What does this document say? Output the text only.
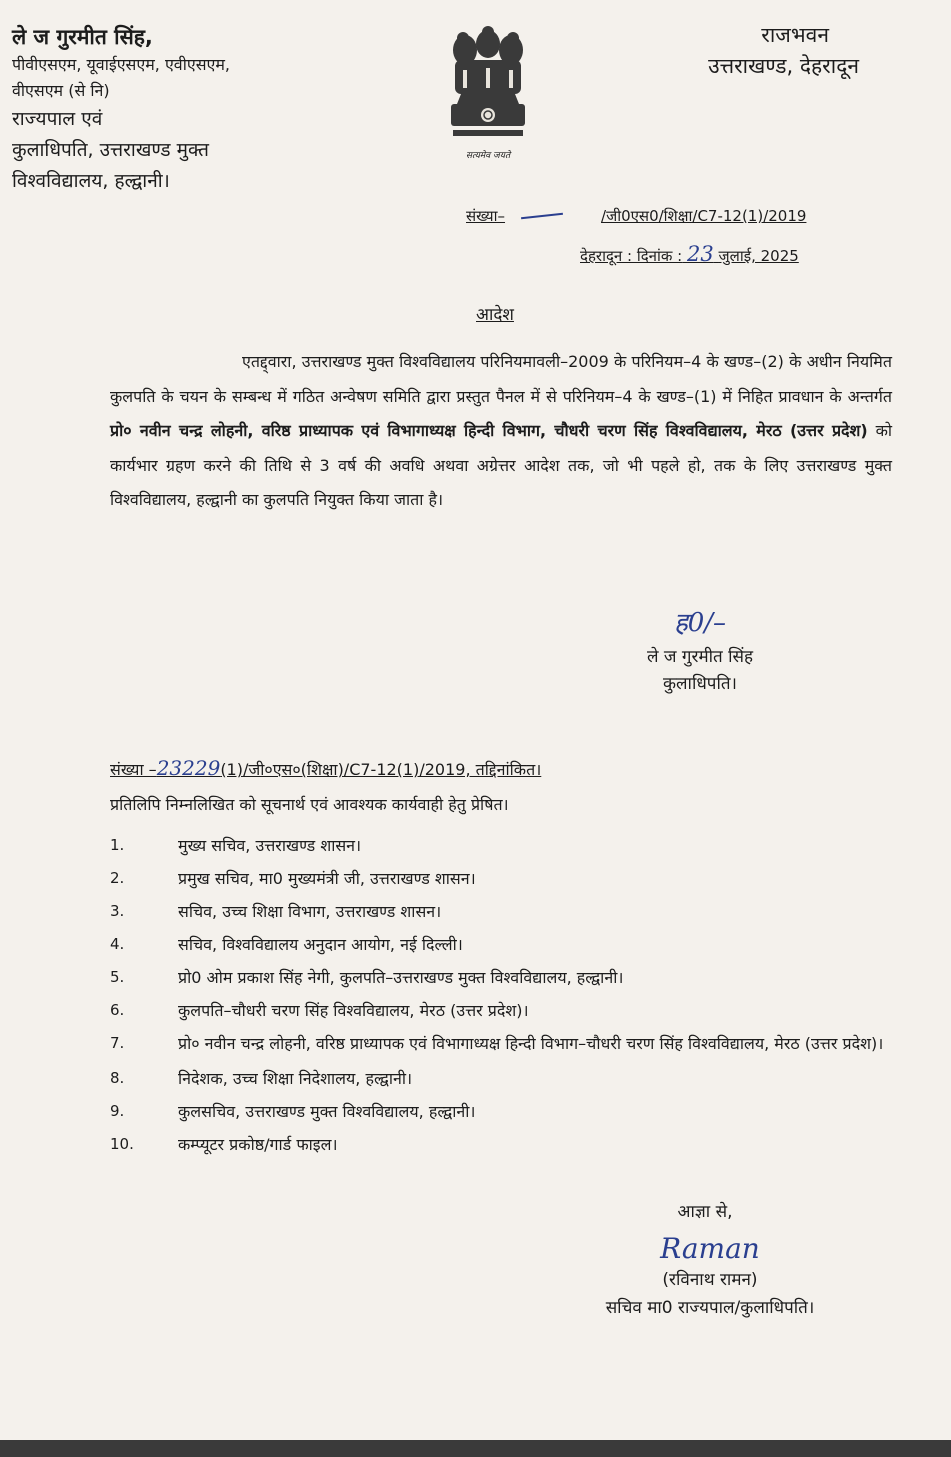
ले ज गुरमीत सिंह,
पीवीएसएम, यूवाईएसएम, एवीएसएम,
वीएसएम (से नि)
राज्यपाल एवं
कुलाधिपति, उत्तराखण्ड मुक्त
विश्वविद्यालय, हल्द्वानी।
सत्यमेव जयते
राजभवन
उत्तराखण्ड, देहरादून
संख्या–	/जी0एस0/शिक्षा/C7-12(1)/2019
देहरादून : दिनांक : 23 जुलाई, 2025
आदेश

एतद्द्वारा, उत्तराखण्ड मुक्त विश्वविद्यालय परिनियमावली–2009 के परिनियम–4 के खण्ड–(2) के अधीन नियमित कुलपति के चयन के सम्बन्ध में गठित अन्वेषण समिति द्वारा प्रस्तुत पैनल में से परिनियम–4 के खण्ड–(1) में निहित प्रावधान के अन्तर्गत प्रो० नवीन चन्द्र लोहनी, वरिष्ठ प्राध्यापक एवं विभागाध्यक्ष हिन्दी विभाग, चौधरी चरण सिंह विश्वविद्यालय, मेरठ (उत्तर प्रदेश) को कार्यभार ग्रहण करने की तिथि से 3 वर्ष की अवधि अथवा अग्रेत्तर आदेश तक, जो भी पहले हो, तक के लिए उत्तराखण्ड मुक्त विश्वविद्यालय, हल्द्वानी का कुलपति नियुक्त किया जाता है।

ह0/–
ले ज गुरमीत सिंह
कुलाधिपति।
संख्या –23229(1)/जी०एस०(शिक्षा)/C7-12(1)/2019, तद्दिनांकित।
प्रतिलिपि निम्नलिखित को सूचनार्थ एवं आवश्यक कार्यवाही हेतु प्रेषित।
1.	मुख्य सचिव, उत्तराखण्ड शासन।
2.	प्रमुख सचिव, मा0 मुख्यमंत्री जी, उत्तराखण्ड शासन।
3.	सचिव, उच्च शिक्षा विभाग, उत्तराखण्ड शासन।
4.	सचिव, विश्वविद्यालय अनुदान आयोग, नई दिल्ली।
5.	प्रो0 ओम प्रकाश सिंह नेगी, कुलपति–उत्तराखण्ड मुक्त विश्वविद्यालय, हल्द्वानी।
6.	कुलपति–चौधरी चरण सिंह विश्वविद्यालय, मेरठ (उत्तर प्रदेश)।
7.	प्रो० नवीन चन्द्र लोहनी, वरिष्ठ प्राध्यापक एवं विभागाध्यक्ष हिन्दी विभाग–चौधरी चरण सिंह विश्वविद्यालय, मेरठ (उत्तर प्रदेश)।
8.	निदेशक, उच्च शिक्षा निदेशालय, हल्द्वानी।
9.	कुलसचिव, उत्तराखण्ड मुक्त विश्वविद्यालय, हल्द्वानी।
10.	कम्प्यूटर प्रकोष्ठ/गार्ड फाइल।
आज्ञा से,
Raman
(रविनाथ रामन)
सचिव मा0 राज्यपाल/कुलाधिपति।
